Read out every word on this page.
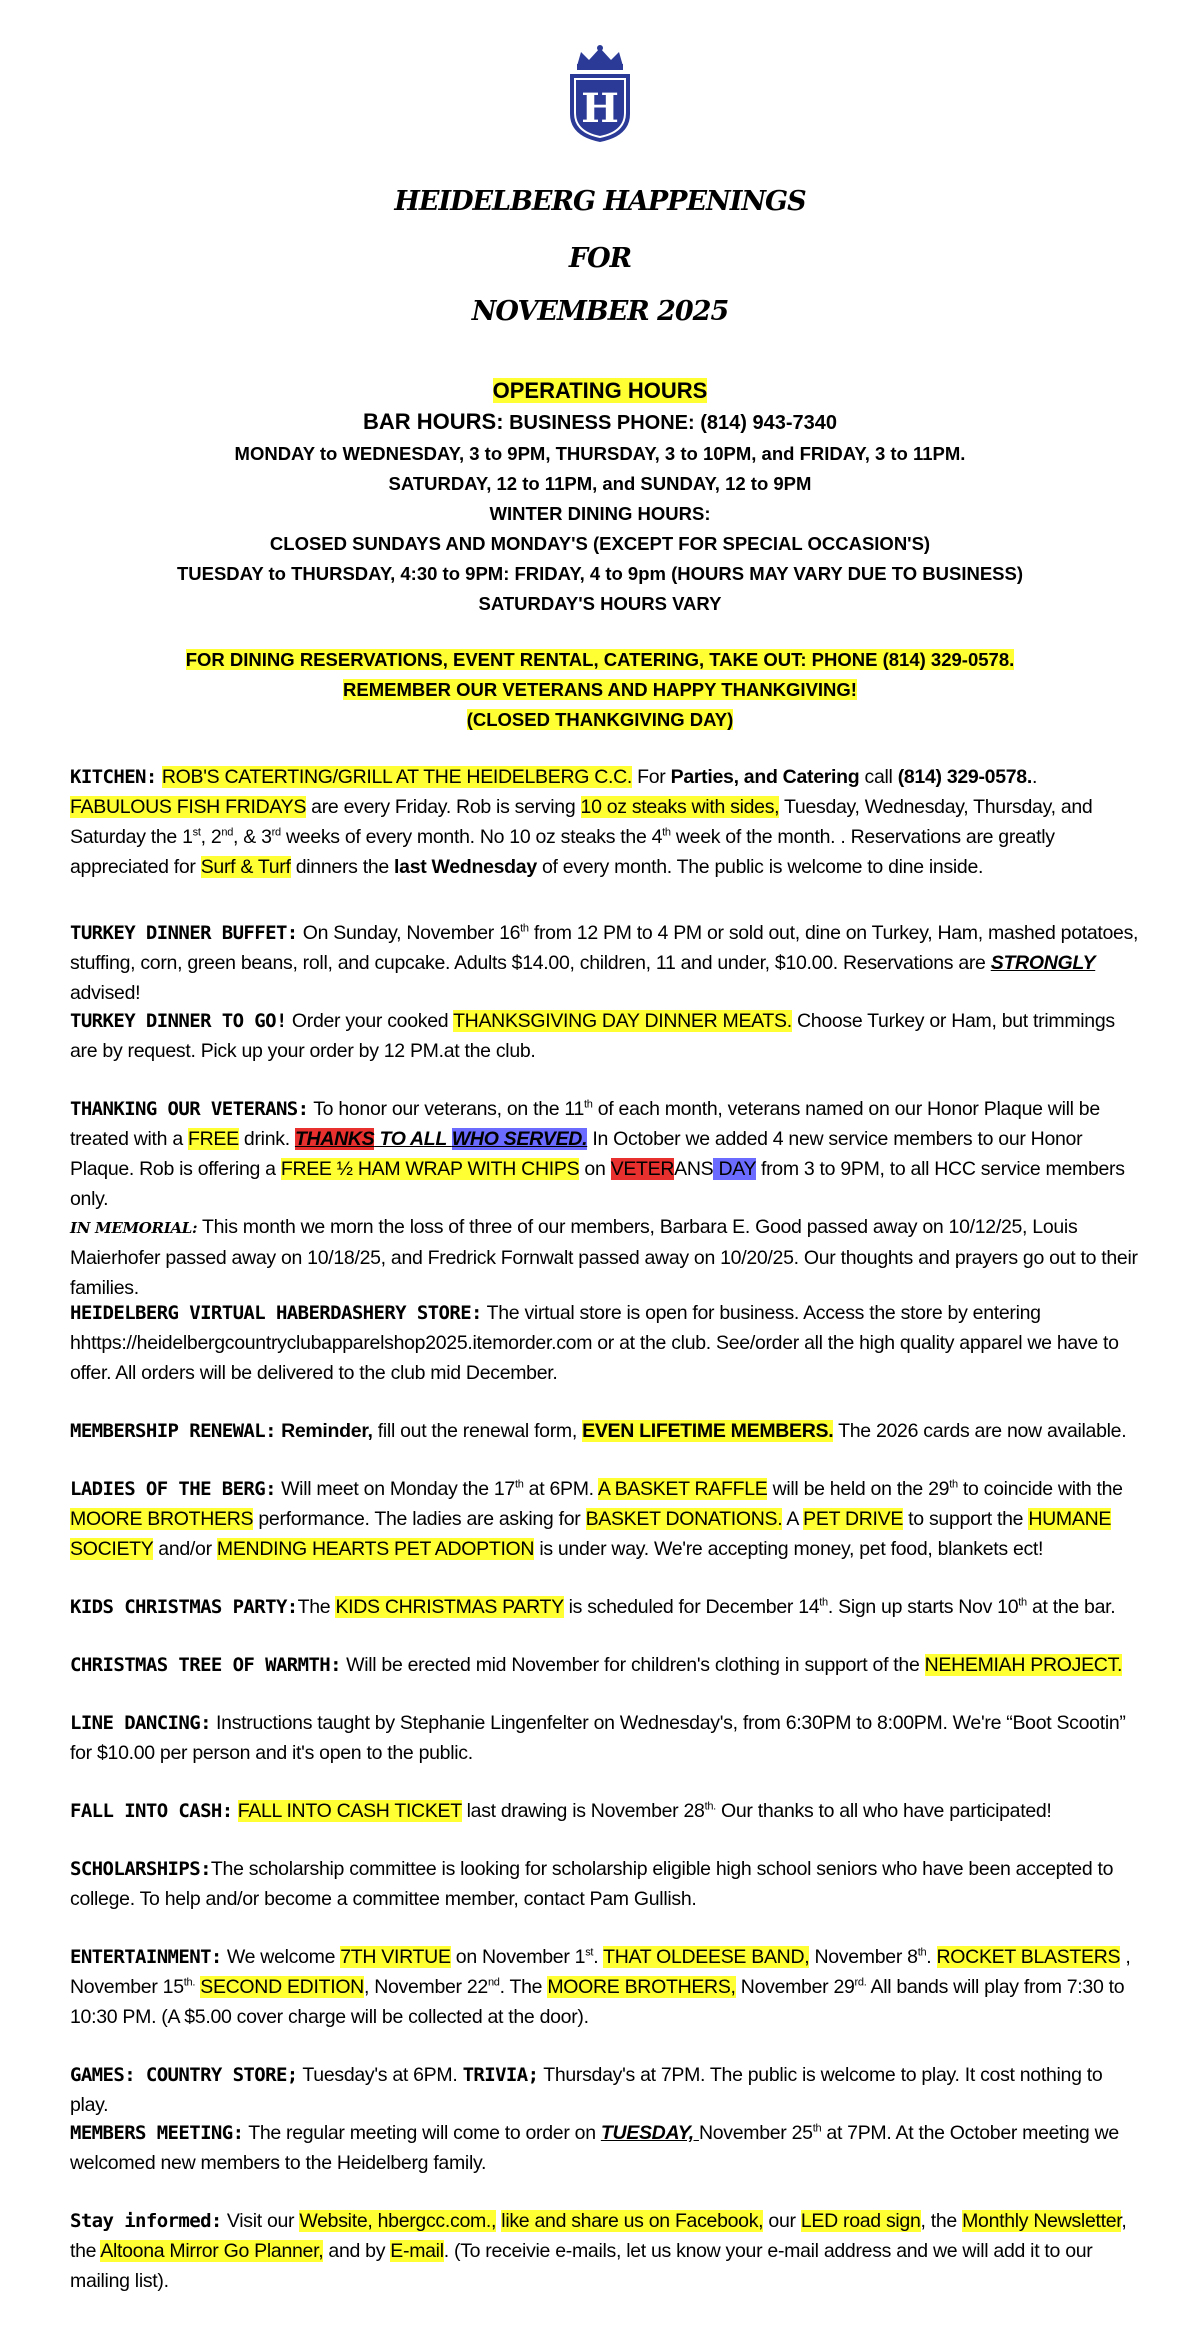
H
HEIDELBERG HAPPENINGS
FOR
NOVEMBER 2025
OPERATING HOURS
BAR HOURS: BUSINESS PHONE: (814) 943-7340
MONDAY to WEDNESDAY, 3 to 9PM, THURSDAY, 3 to 10PM, and FRIDAY, 3 to 11PM.
SATURDAY, 12 to 11PM, and SUNDAY, 12 to 9PM
WINTER DINING HOURS:
CLOSED SUNDAYS AND MONDAY'S (EXCEPT FOR SPECIAL OCCASION'S)
TUESDAY to THURSDAY, 4:30 to 9PM: FRIDAY, 4 to 9pm (HOURS MAY VARY DUE TO BUSINESS)
SATURDAY'S HOURS VARY
FOR DINING RESERVATIONS, EVENT RENTAL, CATERING, TAKE OUT: PHONE (814) 329-0578.
REMEMBER OUR VETERANS AND HAPPY THANKGIVING!
(CLOSED THANKGIVING DAY)

KITCHEN: ROB'S CATERTING/GRILL AT THE HEIDELBERG C.C. For Parties, and Catering call (814) 329-0578.. FABULOUS FISH FRIDAYS are every Friday. Rob is serving 10 oz steaks with sides, Tuesday, Wednesday, Thursday, and Saturday the 1st, 2nd, & 3rd weeks of every month. No 10 oz steaks the 4th week of the month. . Reservations are greatly appreciated for Surf & Turf dinners the last Wednesday of every month. The public is welcome to dine inside.

TURKEY DINNER BUFFET: On Sunday, November 16th from 12 PM to 4 PM or sold out, dine on Turkey, Ham, mashed potatoes, stuffing, corn, green beans, roll, and cupcake. Adults $14.00, children, 11 and under, $10.00. Reservations are STRONGLY advised!

TURKEY DINNER TO GO! Order your cooked THANKSGIVING DAY DINNER MEATS. Choose Turkey or Ham, but trimmings are by request. Pick up your order by 12 PM.at the club.

THANKING OUR VETERANS: To honor our veterans, on the 11th of each month, veterans named on our Honor Plaque will be treated with a FREE drink. THANKS TO ALL WHO SERVED. In October we added 4 new service members to our Honor Plaque. Rob is offering a FREE ½ HAM WRAP WITH CHIPS on VETERANS DAY from 3 to 9PM, to all HCC service members only.

IN MEMORIAL: This month we morn the loss of three of our members, Barbara E. Good passed away on 10/12/25, Louis Maierhofer passed away on 10/18/25, and Fredrick Fornwalt passed away on 10/20/25. Our thoughts and prayers go out to their families.

HEIDELBERG VIRTUAL HABERDASHERY STORE: The virtual store is open for business. Access the store by entering hhttps://heidelbergcountryclubapparelshop2025.itemorder.com or at the club. See/order all the high quality apparel we have to offer. All orders will be delivered to the club mid December.

MEMBERSHIP RENEWAL: Reminder, fill out the renewal form, EVEN LIFETIME MEMBERS. The 2026 cards are now available.

LADIES OF THE BERG: Will meet on Monday the 17th at 6PM. A BASKET RAFFLE will be held on the 29th to coincide with the MOORE BROTHERS performance. The ladies are asking for BASKET DONATIONS. A PET DRIVE to support the HUMANE SOCIETY and/or MENDING HEARTS PET ADOPTION is under way. We're accepting money, pet food, blankets ect!

KIDS CHRISTMAS PARTY:The KIDS CHRISTMAS PARTY is scheduled for December 14th. Sign up starts Nov 10th at the bar.

CHRISTMAS TREE OF WARMTH: Will be erected mid November for children's clothing in support of the NEHEMIAH PROJECT.

LINE DANCING: Instructions taught by Stephanie Lingenfelter on Wednesday's, from 6:30PM to 8:00PM. We're “Boot Scootin” for $10.00 per person and it's open to the public.

FALL INTO CASH: FALL INTO CASH TICKET last drawing is November $28^{th.}$ Our thanks to all who have participated!

SCHOLARSHIPS:The scholarship committee is looking for scholarship eligible high school seniors who have been accepted to college. To help and/or become a committee member, contact Pam Gullish.

ENTERTAINMENT: We welcome 7TH VIRTUE on November 1st. THAT OLDEESE BAND, November 8th. ROCKET BLASTERS , November $15^{th.}$ SECOND EDITION, November 22nd. The MOORE BROTHERS, November $29^{rd.}$ All bands will play from 7:30 to 10:30 PM. (A $5.00 cover charge will be collected at the door).

GAMES: COUNTRY STORE; Tuesday's at 6PM. TRIVIA; Thursday's at 7PM. The public is welcome to play. It cost nothing to play.

MEMBERS MEETING: The regular meeting will come to order on TUESDAY, November 25th at 7PM. At the October meeting we welcomed new members to the Heidelberg family.

Stay informed: Visit our Website, hbergcc.com., like and share us on Facebook, our LED road sign, the Monthly Newsletter, the Altoona Mirror Go Planner, and by E-mail. (To receivie e-mails, let us know your e-mail address and we will add it to our mailing list).
